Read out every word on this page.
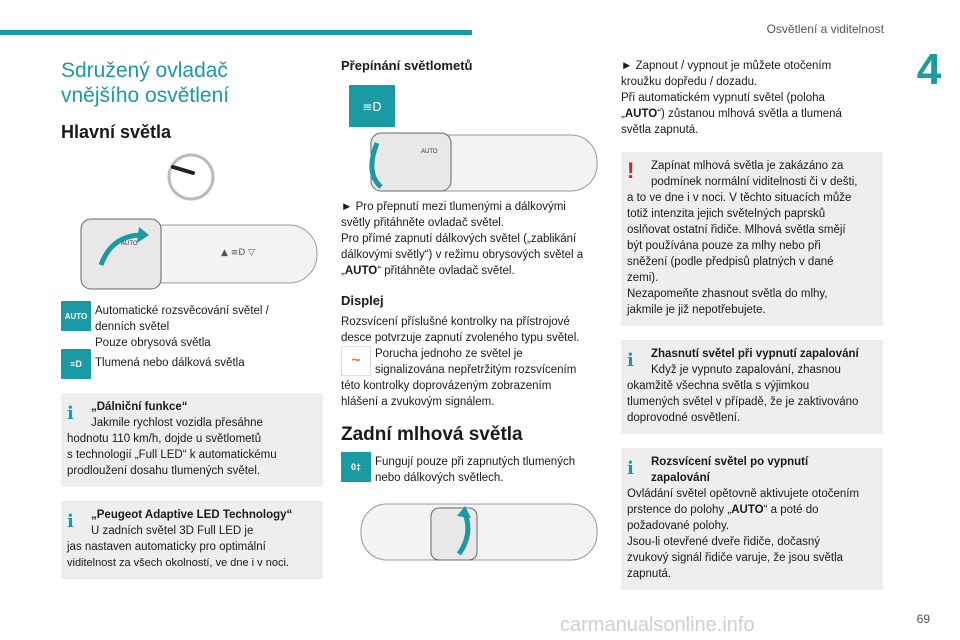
Osvětlení a viditelnost
4
Sdružený ovladač
vnějšího osvětlení
Hlavní světla
AUTO
▲ ≡D ▽
AUTO Automatické rozsvěcování světel /
denních světel
Pouze obrysová světla
≡D	Tlumená nebo dálková světla
i	„Dálniční funkce“
Jakmile rychlost vozidla přesáhne
hodnotu 110 km/h, dojde u světlometů
s technologií „Full LED“ k automatickému
prodloužení dosahu tlumených světel.
i	„Peugeot Adaptive LED Technology“
U zadních světel 3D Full LED je
jas nastaven automaticky pro optimální
viditelnost za všech okolností, ve dne i v noci.
Přepínání světlometů
≡D
AUTO
► Pro přepnutí mezi tlumenými a dálkovými
světly přitáhněte ovladač světel.
Pro přímé zapnutí dálkových světel („zablikání
dálkovými světly“) v režimu obrysových světel a
„AUTO“ přitáhněte ovladač světel.
Displej
Rozsvícení příslušné kontrolky na přístrojové
desce potvrzuje zapnutí zvoleného typu světel.
~	Porucha jednoho ze světel je
signalizována nepřetržitým rozsvícením
této kontrolky doprovázeným zobrazením
hlášení a zvukovým signálem.
Zadní mlhová světla
0‡	Fungují pouze při zapnutých tlumených
nebo dálkových světlech.
► Zapnout / vypnout je můžete otočením
kroužku dopředu / dozadu.
Při automatickém vypnutí světel (poloha
„AUTO“) zůstanou mlhová světla a tlumená
světla zapnutá.
!	Zapínat mlhová světla je zakázáno za
podmínek normální viditelnosti či v dešti,
a to ve dne i v noci. V těchto situacích může
totiž intenzita jejich světelných paprsků
oslňovat ostatní řidiče. Mlhová světla smějí
být používána pouze za mlhy nebo při
sněžení (podle předpisů platných v dané
zemi).
Nezapomeňte zhasnout světla do mlhy,
jakmile je již nepotřebujete.
i	Zhasnutí světel při vypnutí zapalování
Když je vypnuto zapalování, zhasnou
okamžitě všechna světla s výjimkou
tlumených světel v případě, že je zaktivováno
doprovodné osvětlení.
i	Rozsvícení světel po vypnutí
zapalování
Ovládání světel opětovně aktivujete otočením
prstence do polohy „AUTO“ a poté do
požadované polohy.
Jsou-li otevřené dveře řidiče, dočasný
zvukový signál řidiče varuje, že jsou světla
zapnutá.
69
carmanualsonline.info
